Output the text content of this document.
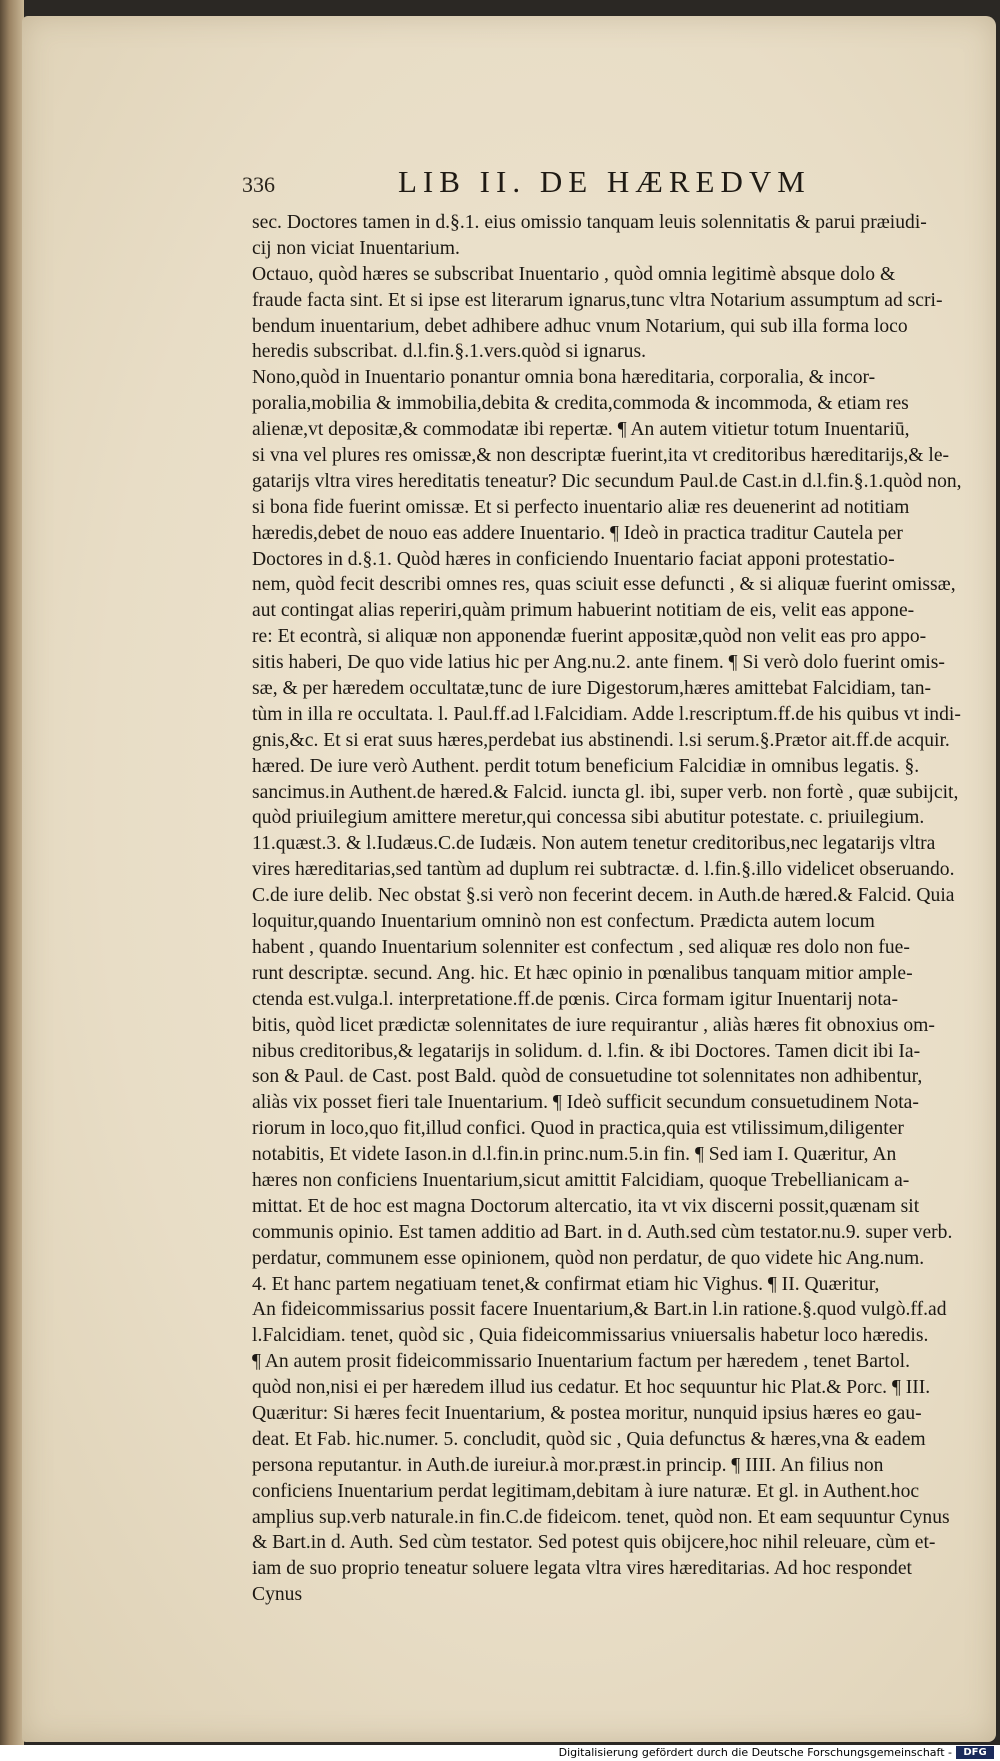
336	LIB II. DE HÆREDVM
sec. Doctores tamen in d.§.1. eius omissio tanquam leuis solennitatis & parui præiudi-
cij non viciat Inuentarium.
Octauo, quòd hæres se subscribat Inuentario , quòd omnia legitimè absque dolo &
fraude facta sint. Et si ipse est literarum ignarus,tunc vltra Notarium assumptum ad scri-
bendum inuentarium, debet adhibere adhuc vnum Notarium, qui sub illa forma loco
heredis subscribat. d.l.fin.§.1.vers.quòd si ignarus.
Nono,quòd in Inuentario ponantur omnia bona hæreditaria, corporalia, & incor-
poralia,mobilia & immobilia,debita & credita,commoda & incommoda, & etiam res
alienæ,vt depositæ,& commodatæ ibi repertæ. ¶ An autem vitietur totum Inuentariū,
si vna vel plures res omissæ,& non descriptæ fuerint,ita vt creditoribus hæreditarijs,& le-
gatarijs vltra vires hereditatis teneatur? Dic secundum Paul.de Cast.in d.l.fin.§.1.quòd non,
si bona fide fuerint omissæ. Et si perfecto inuentario aliæ res deuenerint ad notitiam
hæredis,debet de nouo eas addere Inuentario. ¶ Ideò in practica traditur Cautela per
Doctores in d.§.1. Quòd hæres in conficiendo Inuentario faciat apponi protestatio-
nem, quòd fecit describi omnes res, quas sciuit esse defuncti , & si aliquæ fuerint omissæ,
aut contingat alias reperiri,quàm primum habuerint notitiam de eis, velit eas appone-
re: Et econtrà, si aliquæ non apponendæ fuerint appositæ,quòd non velit eas pro appo-
sitis haberi, De quo vide latius hic per Ang.nu.2. ante finem. ¶ Si verò dolo fuerint omis-
sæ, & per hæredem occultatæ,tunc de iure Digestorum,hæres amittebat Falcidiam, tan-
tùm in illa re occultata. l. Paul.ff.ad l.Falcidiam. Adde l.rescriptum.ff.de his quibus vt indi-
gnis,&c. Et si erat suus hæres,perdebat ius abstinendi. l.si serum.§.Prætor ait.ff.de acquir.
hæred. De iure verò Authent. perdit totum beneficium Falcidiæ in omnibus legatis. §.
sancimus.in Authent.de hæred.& Falcid. iuncta gl. ibi, super verb. non fortè , quæ subijcit,
quòd priuilegium amittere meretur,qui concessa sibi abutitur potestate. c. priuilegium.
11.quæst.3. & l.Iudæus.C.de Iudæis. Non autem tenetur creditoribus,nec legatarijs vltra
vires hæreditarias,sed tantùm ad duplum rei subtractæ. d. l.fin.§.illo videlicet obseruando.
C.de iure delib. Nec obstat §.si verò non fecerint decem. in Auth.de hæred.& Falcid. Quia
loquitur,quando Inuentarium omninò non est confectum. Prædicta autem locum
habent , quando Inuentarium solenniter est confectum , sed aliquæ res dolo non fue-
runt descriptæ. secund. Ang. hic. Et hæc opinio in pœnalibus tanquam mitior ample-
ctenda est.vulga.l. interpretatione.ff.de pœnis. Circa formam igitur Inuentarij nota-
bitis, quòd licet prædictæ solennitates de iure requirantur , aliàs hæres fit obnoxius om-
nibus creditoribus,& legatarijs in solidum. d. l.fin. & ibi Doctores. Tamen dicit ibi Ia-
son & Paul. de Cast. post Bald. quòd de consuetudine tot solennitates non adhibentur,
aliàs vix posset fieri tale Inuentarium. ¶ Ideò sufficit secundum consuetudinem Nota-
riorum in loco,quo fit,illud confici. Quod in practica,quia est vtilissimum,diligenter
notabitis, Et videte Iason.in d.l.fin.in princ.num.5.in fin. ¶ Sed iam I. Quæritur, An
hæres non conficiens Inuentarium,sicut amittit Falcidiam, quoque Trebellianicam a-
mittat. Et de hoc est magna Doctorum altercatio, ita vt vix discerni possit,quænam sit
communis opinio. Est tamen additio ad Bart. in d. Auth.sed cùm testator.nu.9. super verb.
perdatur, communem esse opinionem, quòd non perdatur, de quo videte hic Ang.num.
4. Et hanc partem negatiuam tenet,& confirmat etiam hic Vighus. ¶ II. Quæritur,
An fideicommissarius possit facere Inuentarium,& Bart.in l.in ratione.§.quod vulgò.ff.ad
l.Falcidiam. tenet, quòd sic , Quia fideicommissarius vniuersalis habetur loco hæredis.
¶ An autem prosit fideicommissario Inuentarium factum per hæredem , tenet Bartol.
quòd non,nisi ei per hæredem illud ius cedatur. Et hoc sequuntur hic Plat.& Porc. ¶ III.
Quæritur: Si hæres fecit Inuentarium, & postea moritur, nunquid ipsius hæres eo gau-
deat. Et Fab. hic.numer. 5. concludit, quòd sic , Quia defunctus & hæres,vna & eadem
persona reputantur. in Auth.de iureiur.à mor.præst.in princip. ¶ IIII. An filius non
conficiens Inuentarium perdat legitimam,debitam à iure naturæ. Et gl. in Authent.hoc
amplius sup.verb naturale.in fin.C.de fideicom. tenet, quòd non. Et eam sequuntur Cynus
& Bart.in d. Auth. Sed cùm testator. Sed potest quis obijcere,hoc nihil releuare, cùm et-
iam de suo proprio teneatur soluere legata vltra vires hæreditarias. Ad hoc respondet
Cynus
Digitalisierung gefördert durch die Deutsche Forschungsgemeinschaft -	DFG
